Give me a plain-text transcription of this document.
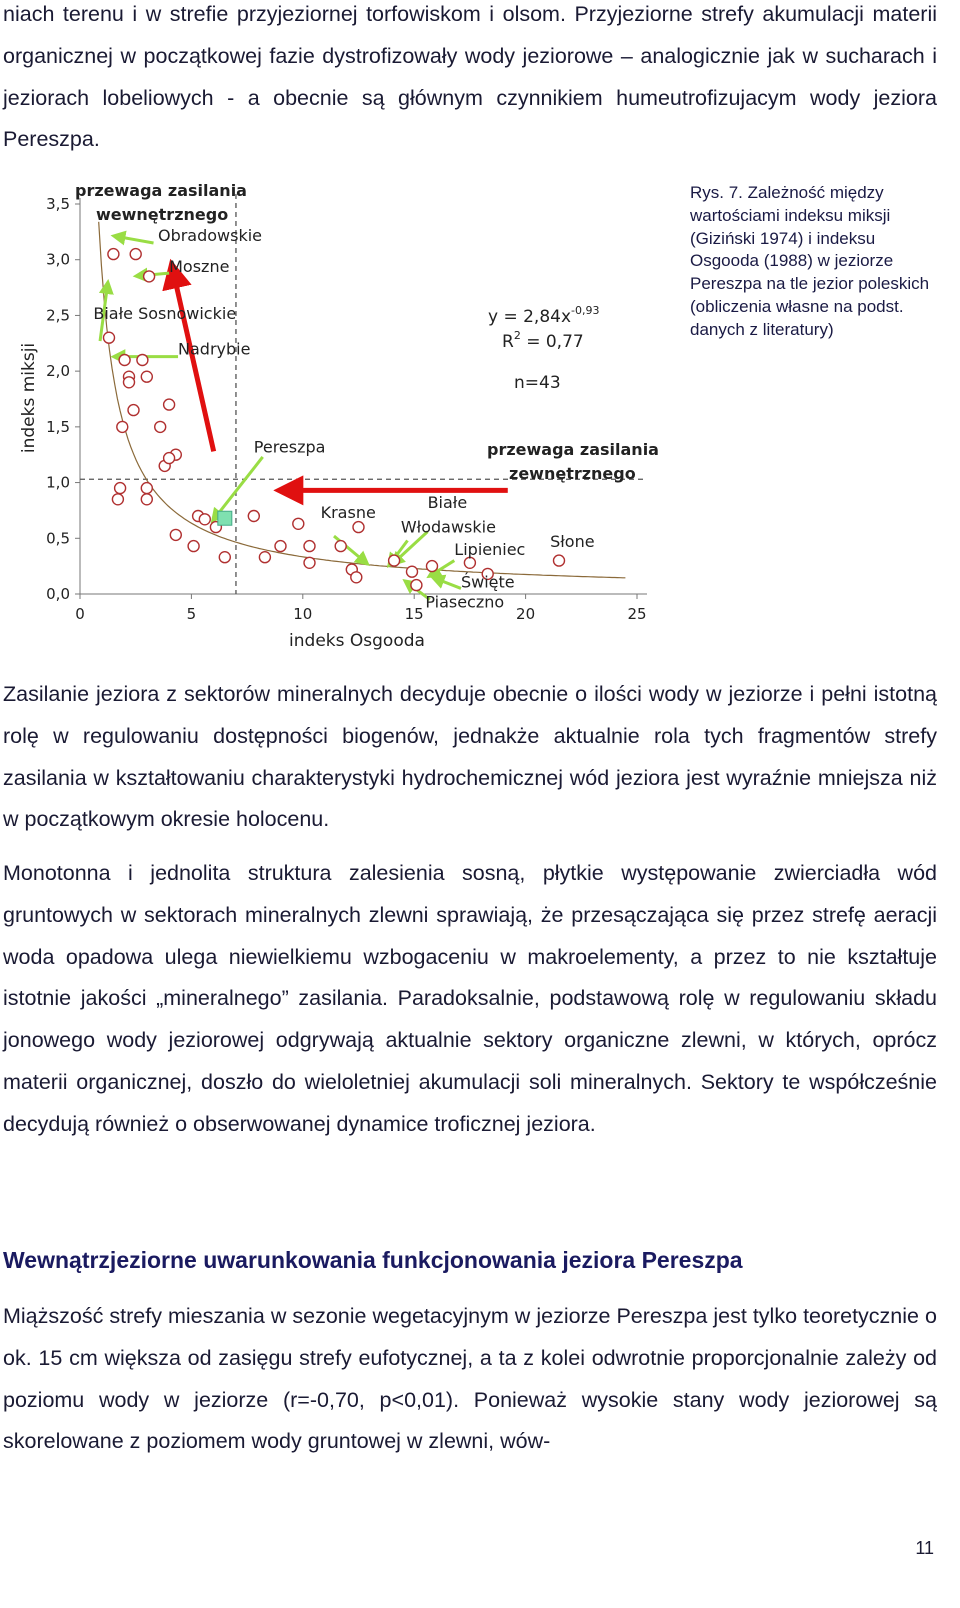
niach terenu i w strefie przyjeziornej torfowiskom i olsom. Przyjeziorne strefy akumulacji materii organicznej w początkowej fazie dystrofizowały wody jeziorowe – analogicznie jak w sucharach i jeziorach lobeliowych - a obecnie są głównym czynnikiem humeutrofizujacym wody jeziora Pereszpa.
0	5	10	15	20	25
0,0
0,5
1,0
1,5
2,0
2,5
3,0
3,5
Obradowskie
Moszne
Białe Sosnowickie
Nadrybie
Pereszpa
Krasne
Białe
Włodawskie
Lipieniec Słone
Święte
Piaseczno
przewaga zasilania
wewnętrznego
przewaga zasilania
zewnętrznego
$y = 2,84x^{-0,93}$
$R^2 = 0,77$
n=43
indeks Osgooda
indeks miksji
Rys. 7. Zależność między wartościami indeksu miksji (Giziński 1974) i indeksu Osgooda (1988) w jeziorze Pereszpa na tle jezior poleskich (obliczenia własne na podst. danych z literatury)
Zasilanie jeziora z sektorów mineralnych decyduje obecnie o ilości wody w jeziorze i pełni istotną rolę w regulowaniu dostępności biogenów, jednakże aktualnie rola tych fragmentów strefy zasilania w kształtowaniu charakterystyki hydrochemicznej wód jeziora jest wyraźnie mniejsza niż w początkowym okresie holocenu.
Monotonna i jednolita struktura zalesienia sosną, płytkie występowanie zwierciadła wód gruntowych w sektorach mineralnych zlewni sprawiają, że przesączająca się przez strefę aeracji woda opadowa ulega niewielkiemu wzbogaceniu w makroelementy, a przez to nie kształtuje istotnie jakości „mineralnego” zasilania. Paradoksalnie, podstawową rolę w regulowaniu składu jonowego wody jeziorowej odgrywają aktualnie sektory organiczne zlewni, w których, oprócz materii organicznej, doszło do wieloletniej akumulacji soli mineralnych. Sektory te współcześnie decydują również o obserwowanej dynamice troficznej jeziora.
Wewnątrzjeziorne uwarunkowania funkcjonowania jeziora Pereszpa
Miąższość strefy mieszania w sezonie wegetacyjnym w jeziorze Pereszpa jest tylko teoretycznie o ok. 15 cm większa od zasięgu strefy eufotycznej, a ta z kolei odwrotnie proporcjonalnie zależy od poziomu wody w jeziorze (r=-0,70, p<0,01). Ponieważ wysokie stany wody jeziorowej są skorelowane z poziomem wody gruntowej w zlewni, wów-
11
